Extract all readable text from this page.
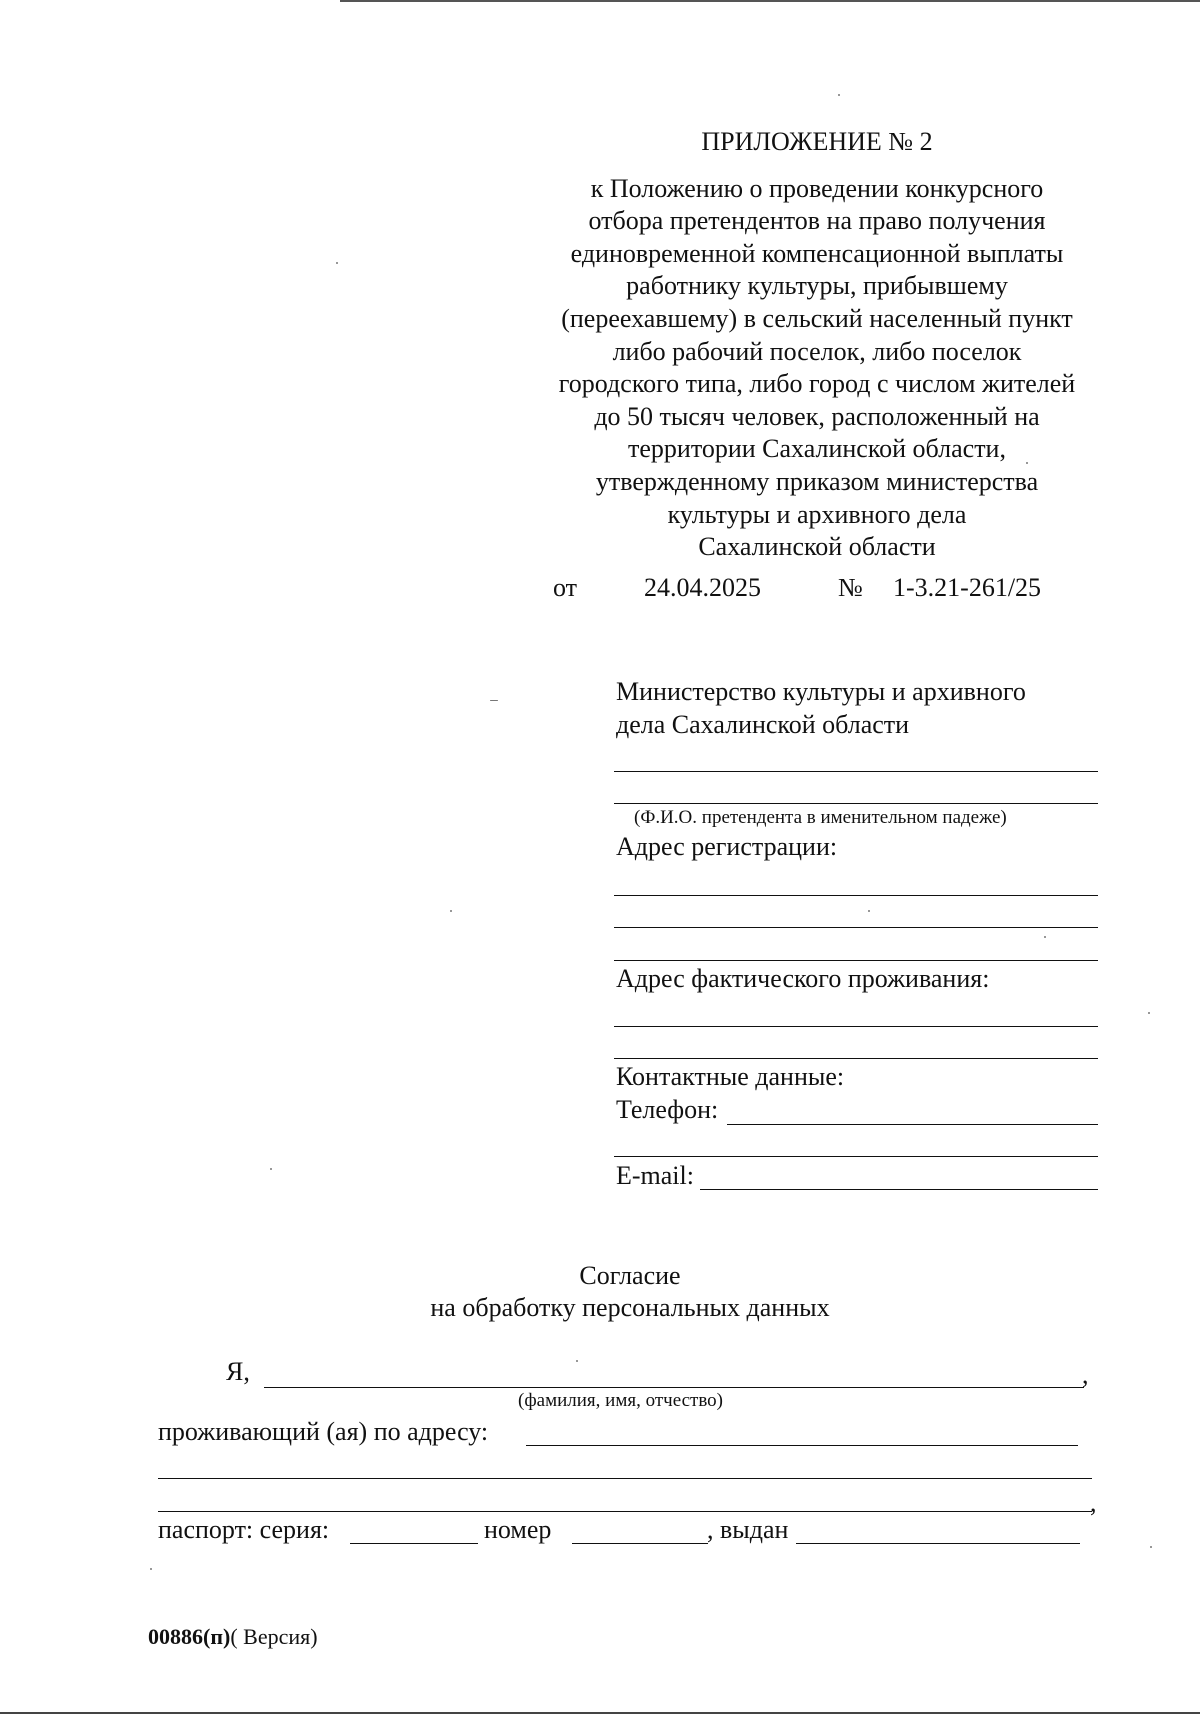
ПРИЛОЖЕНИЕ № 2
к Положению о проведении конкурсного
отбора претендентов на право получения
единовременной компенсационной выплаты
работнику культуры, прибывшему
(переехавшему) в сельский населенный пункт
либо рабочий поселок, либо поселок
городского типа, либо город с числом жителей
до 50 тысяч человек, расположенный на
территории Сахалинской области,
утвержденному приказом министерства
культуры и архивного дела
Сахалинской области
от	24.04.2025	№ 1-3.21-261/25
Министерство культуры и архивного
дела Сахалинской области
(Ф.И.О. претендента в именительном падеже)
Адрес регистрации:
Адрес фактического проживания:
Контактные данные:
Телефон:
E-mail:
Согласие
на обработку персональных данных
Я,	,
(фамилия, имя, отчество)
проживающий (ая) по адресу:
,
паспорт: серия:	номер	, выдан
00886(п)( Версия)
